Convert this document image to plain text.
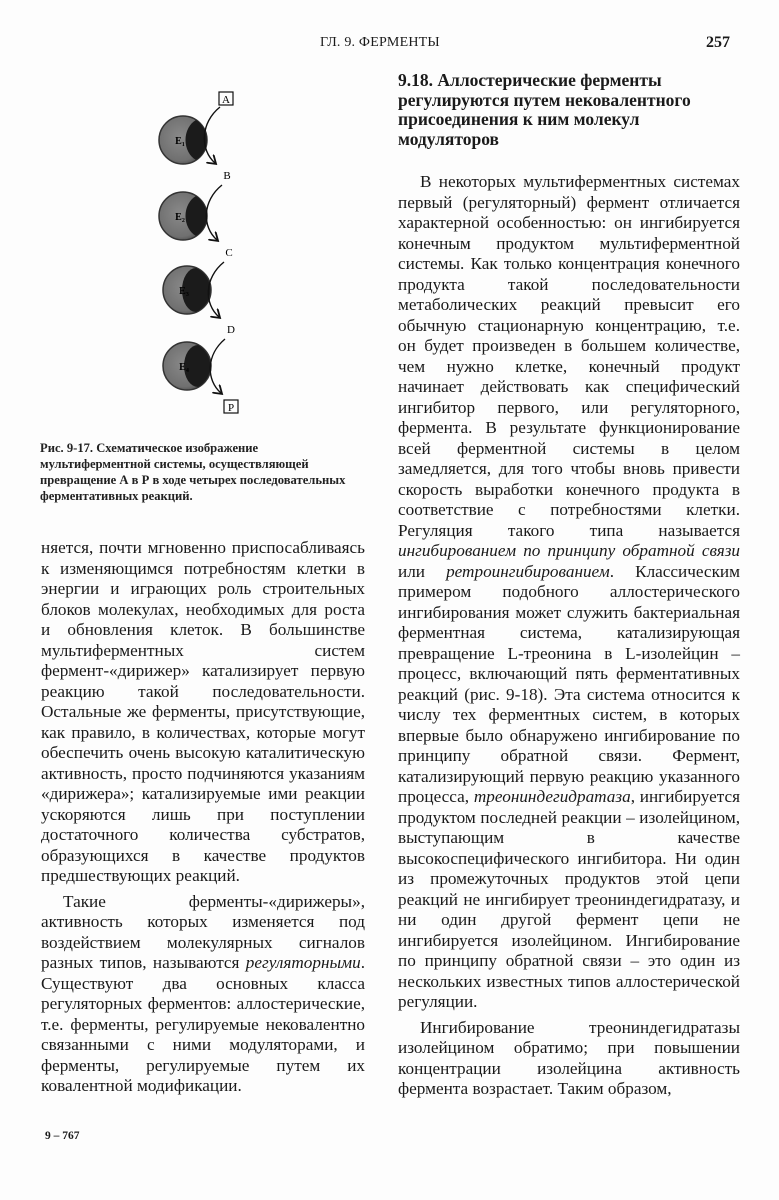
ГЛ. 9. ФЕРМЕНТЫ	257
A
E₁
B
E₂
C
E₃
D
E₄
P
Рис. 9-17. Схематическое изображение мультиферментной системы, осуществляющей превращение А в Р в ходе четырех последовательных ферментативных реакций.

няется, почти мгновенно приспосабливаясь к изменяющимся потребностям клетки в энергии и играющих роль строительных блоков молекулах, необходимых для роста и обновления клеток. В большинстве мультиферментных систем фермент-«дирижер» катализирует первую реакцию такой последовательности. Остальные же ферменты, присутствующие, как правило, в количествах, которые могут обеспечить очень высокую каталитическую активность, просто подчиняются указаниям «дирижера»; катализируемые ими реакции ускоряются лишь при поступлении достаточного количества субстратов, образующихся в качестве продуктов предшествующих реакций.

Такие ферменты-«дирижеры», активность которых изменяется под воздействием молекулярных сигналов разных типов, называются регуляторными. Существуют два основных класса регуляторных ферментов: аллостерические, т.е. ферменты, регулируемые нековалентно связанными с ними модуляторами, и ферменты, регулируемые путем их ковалентной модификации.

9.18. Аллостерические ферменты регулируются путем нековалентного присоединения к ним молекул модуляторов

В некоторых мультиферментных системах первый (регуляторный) фермент отличается характерной особенностью: он ингибируется конечным продуктом мультиферментной системы. Как только концентрация конечного продукта такой последовательности метаболических реакций превысит его обычную стационарную концентрацию, т.е. он будет произведен в большем количестве, чем нужно клетке, конечный продукт начинает действовать как специфический ингибитор первого, или регуляторного, фермента. В результате функционирование всей ферментной системы в целом замедляется, для того чтобы вновь привести скорость выработки конечного продукта в соответствие с потребностями клетки. Регуляция такого типа называется ингибированием по принципу обратной связи или ретроингибированием. Классическим примером подобного аллостерического ингибирования может служить бактериальная ферментная система, катализирующая превращение L-треонина в L-изолейцин – процесс, включающий пять ферментативных реакций (рис. 9-18). Эта система относится к числу тех ферментных систем, в которых впервые было обнаружено ингибирование по принципу обратной связи. Фермент, катализирующий первую реакцию указанного процесса, треониндегидратаза, ингибируется продуктом последней реакции – изолейцином, выступающим в качестве высокоспецифического ингибитора. Ни один из промежуточных продуктов этой цепи реакций не ингибирует треониндегидратазу, и ни один другой фермент цепи не ингибируется изолейцином. Ингибирование по принципу обратной связи – это один из нескольких известных типов аллостерической регуляции.

Ингибирование треониндегидратазы изолейцином обратимо; при повышении концентрации изолейцина активность фермента возрастает. Таким образом,

9 – 767
